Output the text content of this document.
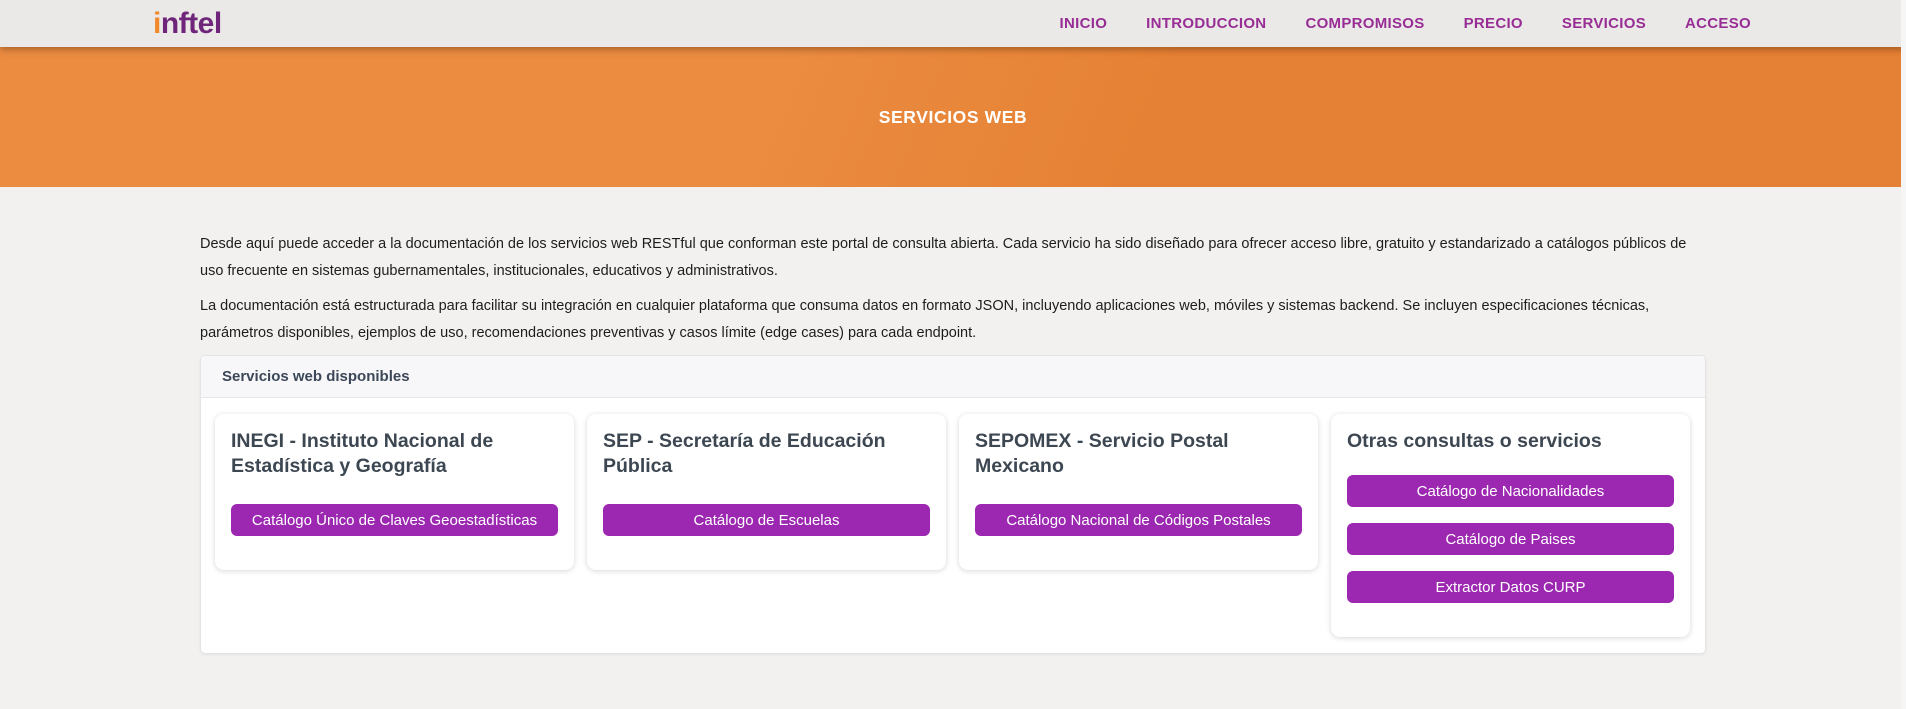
inftel	INICIO	INTRODUCCION	COMPROMISOS	PRECIO	SERVICIOS	ACCESO
SERVICIOS WEB

Desde aquí puede acceder a la documentación de los servicios web RESTful que conforman este portal de consulta abierta. Cada servicio ha sido diseñado para ofrecer acceso libre, gratuito y estandarizado a catálogos públicos de uso frecuente en sistemas gubernamentales, institucionales, educativos y administrativos.

La documentación está estructurada para facilitar su integración en cualquier plataforma que consuma datos en formato JSON, incluyendo aplicaciones web, móviles y sistemas backend. Se incluyen especificaciones técnicas, parámetros disponibles, ejemplos de uso, recomendaciones preventivas y casos límite (edge cases) para cada endpoint.

Servicios web disponibles
INEGI - Instituto Nacional de Estadística y Geografía
Catálogo Único de Claves Geoestadísticas
SEP - Secretaría de Educación Pública
Catálogo de Escuelas
SEPOMEX - Servicio Postal Mexicano
Catálogo Nacional de Códigos Postales
Otras consultas o servicios
Catálogo de Nacionalidades
Catálogo de Paises
Extractor Datos CURP
